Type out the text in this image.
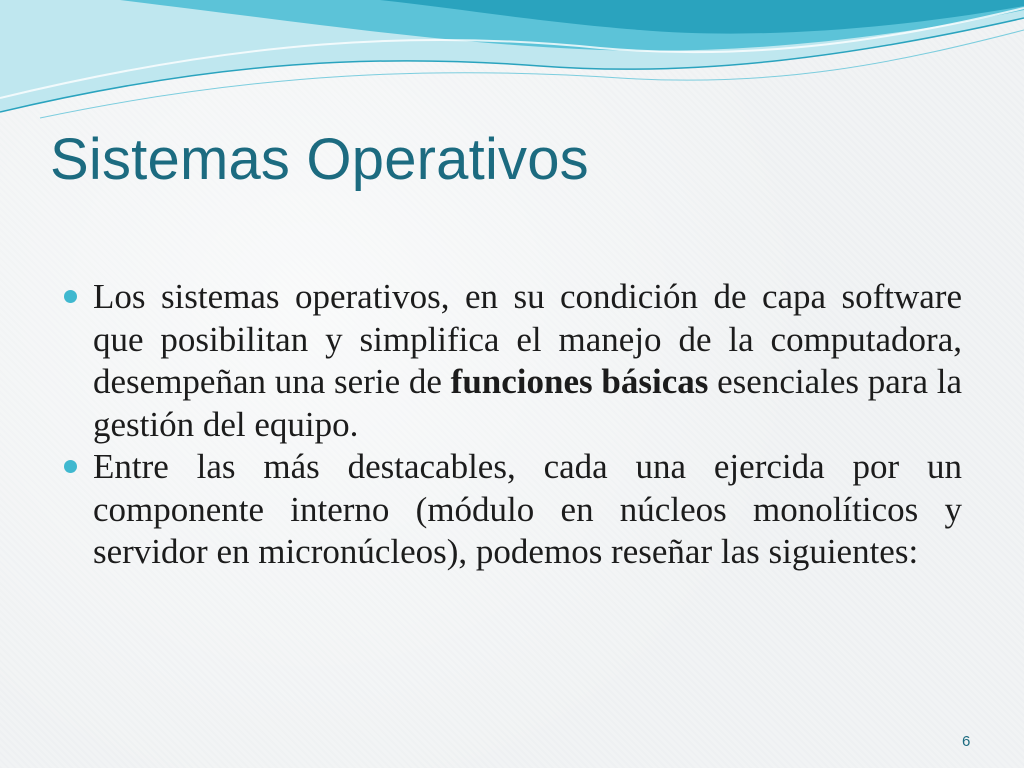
Sistemas Operativos
Los sistemas operativos, en su condición de capa software que posibilitan y simplifica el manejo de la computadora, desempeñan una serie de funciones básicas esenciales para la gestión del equipo.
Entre las más destacables, cada una ejercida por un componente interno (módulo en núcleos monolíticos y servidor en micronúcleos), podemos reseñar las siguientes:
6
